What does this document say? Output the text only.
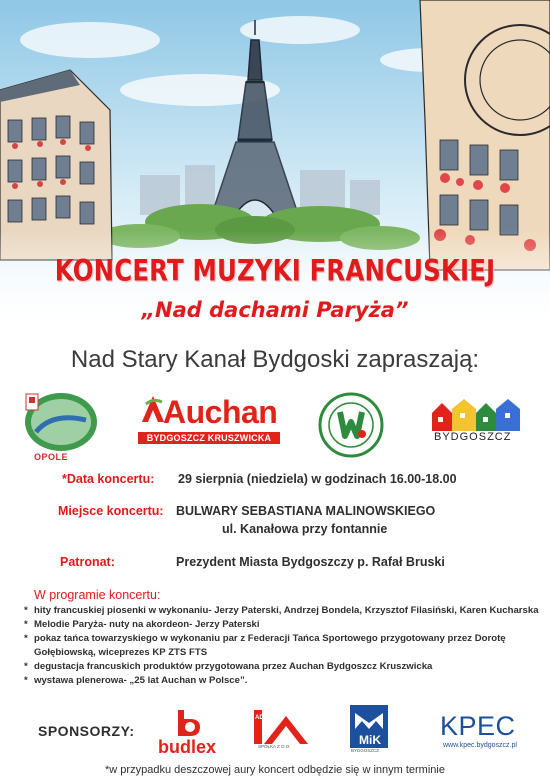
KONCERT MUZYKI FRANCUSKIEJ
„Nad dachami Paryża”
Nad Stary Kanał Bydgoski zapraszają:
OPOLE
Auchan
BYDGOSZCZ KRUSZWICKA	BYDGOSZCZ
*Data koncertu: 29 sierpnia (niedziela) w godzinach 16.00-18.00
Miejsce koncertu: BULWARY SEBASTIANA MALINOWSKIEGO
ul. Kanałowa przy fontannie
Patronat:	Prezydent Miasta Bydgoszczy p. Rafał Bruski
W programie koncertu:
* hity francuskiej piosenki w wykonaniu- Jerzy Paterski, Andrzej Bondela, Krzysztof Filasiński, Karen Kucharska
* Melodie Paryża- nuty na akordeon- Jerzy Paterski
* pokaz tańca towarzyskiego w wykonaniu par z Federacji Tańca Sportowego przygotowany przez Dorotę Gołębiowską, wiceprezes KP ZTS FTS
* degustacja francuskich produktów przygotowana przez Auchan Bydgoszcz Kruszwicka
* wystawa plenerowa- „25 lat Auchan w Polsce”.
SPONSORZY:
budlex
ADM
SPÓŁKA Z O.O.	MiK
BYDGOSZCZ
KPEC
www.kpec.bydgoszcz.pl
*w przypadku deszczowej aury koncert odbędzie się w innym terminie
